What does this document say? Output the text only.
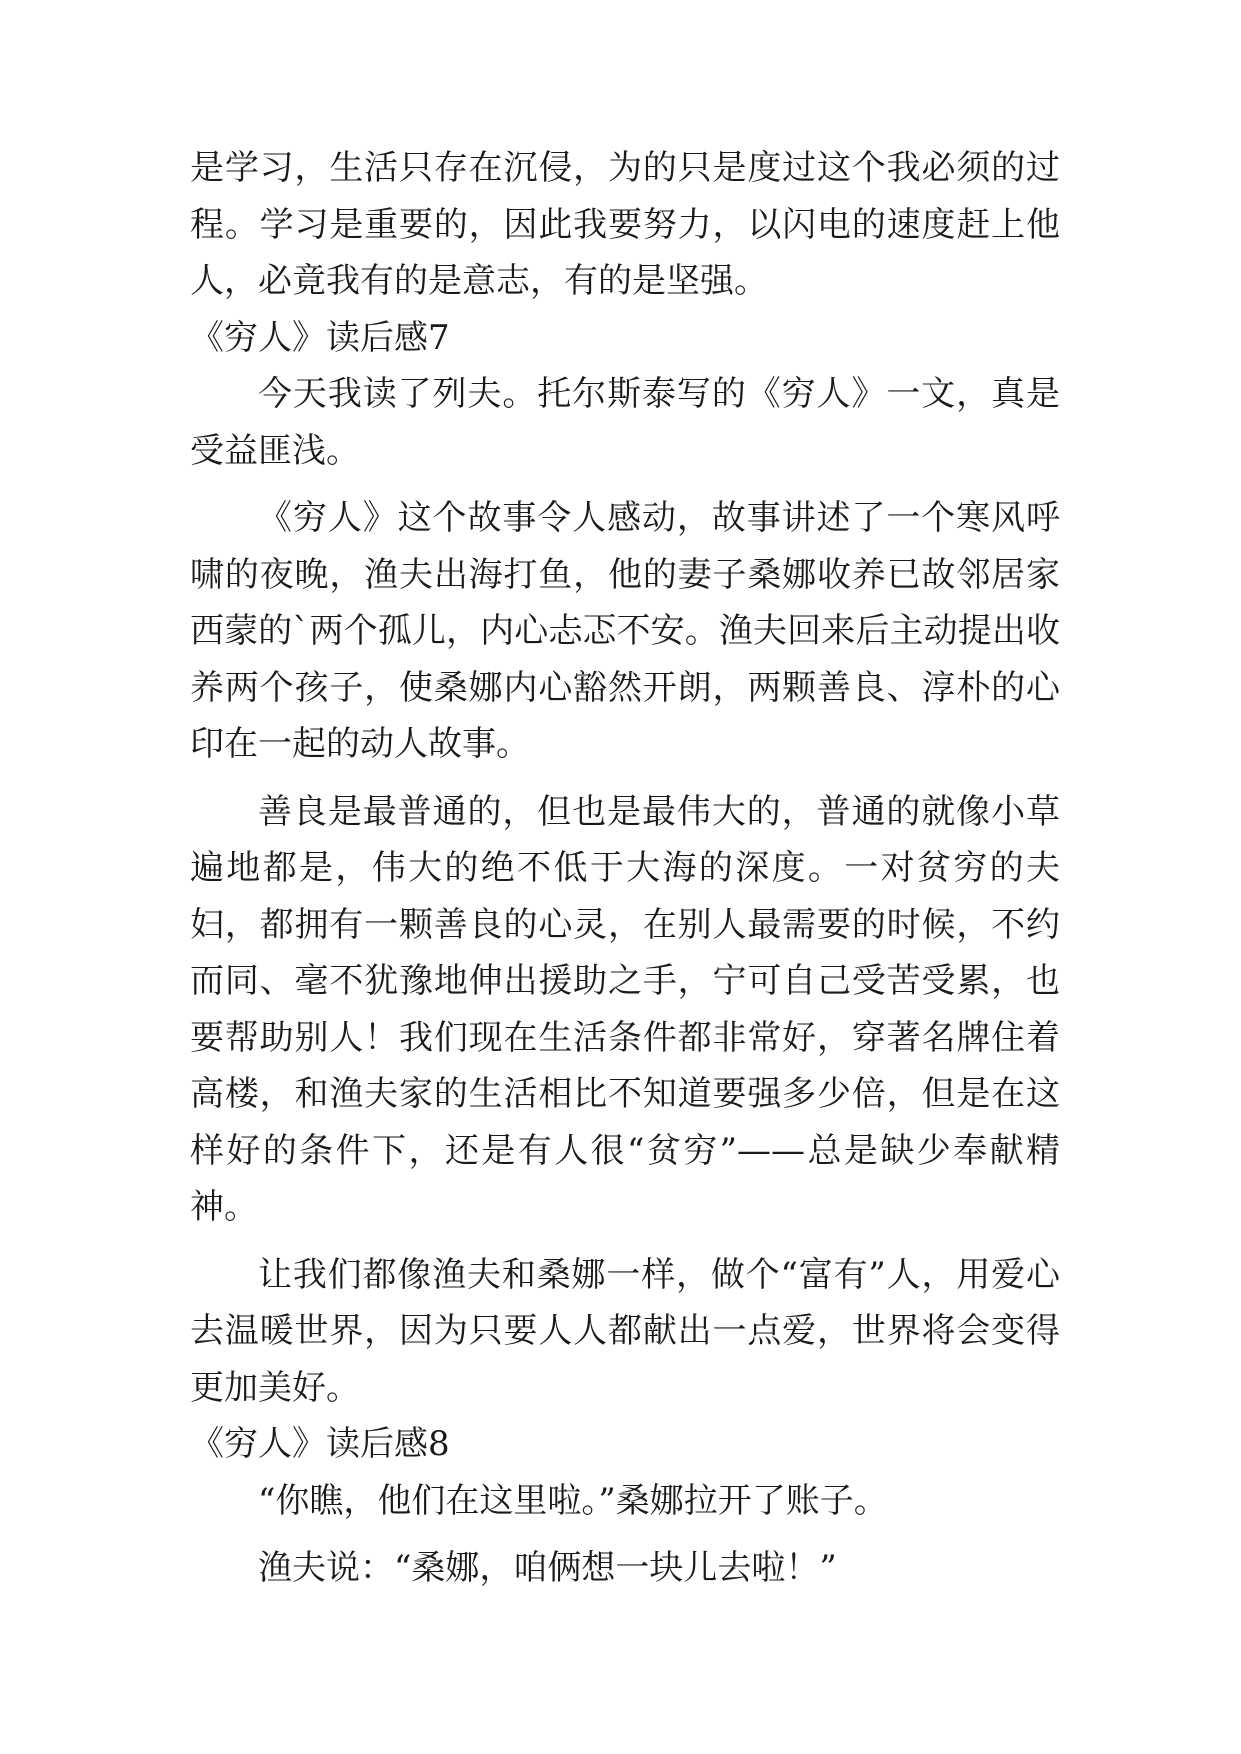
是学习，生活只存在沉侵，为的只是度过这个我必须的过程。学习是重要的，因此我要努力，以闪电的速度赶上他人，必竟我有的是意志，有的是坚强。

《穷人》读后感7

今天我读了列夫。托尔斯泰写的《穷人》一文，真是受益匪浅。

《穷人》这个故事令人感动，故事讲述了一个寒风呼啸的夜晚，渔夫出海打鱼，他的妻子桑娜收养已故邻居家西蒙的`两个孤儿，内心忐忑不安。渔夫回来后主动提出收养两个孩子，使桑娜内心豁然开朗，两颗善良、淳朴的心印在一起的动人故事。

善良是最普通的，但也是最伟大的，普通的就像小草遍地都是，伟大的绝不低于大海的深度。一对贫穷的夫妇，都拥有一颗善良的心灵，在别人最需要的时候，不约而同、毫不犹豫地伸出援助之手，宁可自己受苦受累，也要帮助别人！我们现在生活条件都非常好，穿著名牌住着高楼，和渔夫家的生活相比不知道要强多少倍，但是在这样好的条件下，还是有人很“贫穷”——总是缺少奉献精神。

让我们都像渔夫和桑娜一样，做个“富有”人，用爱心去温暖世界，因为只要人人都献出一点爱，世界将会变得更加美好。

《穷人》读后感8

“你瞧，他们在这里啦。”桑娜拉开了账子。

渔夫说：“桑娜，咱俩想一块儿去啦！”
